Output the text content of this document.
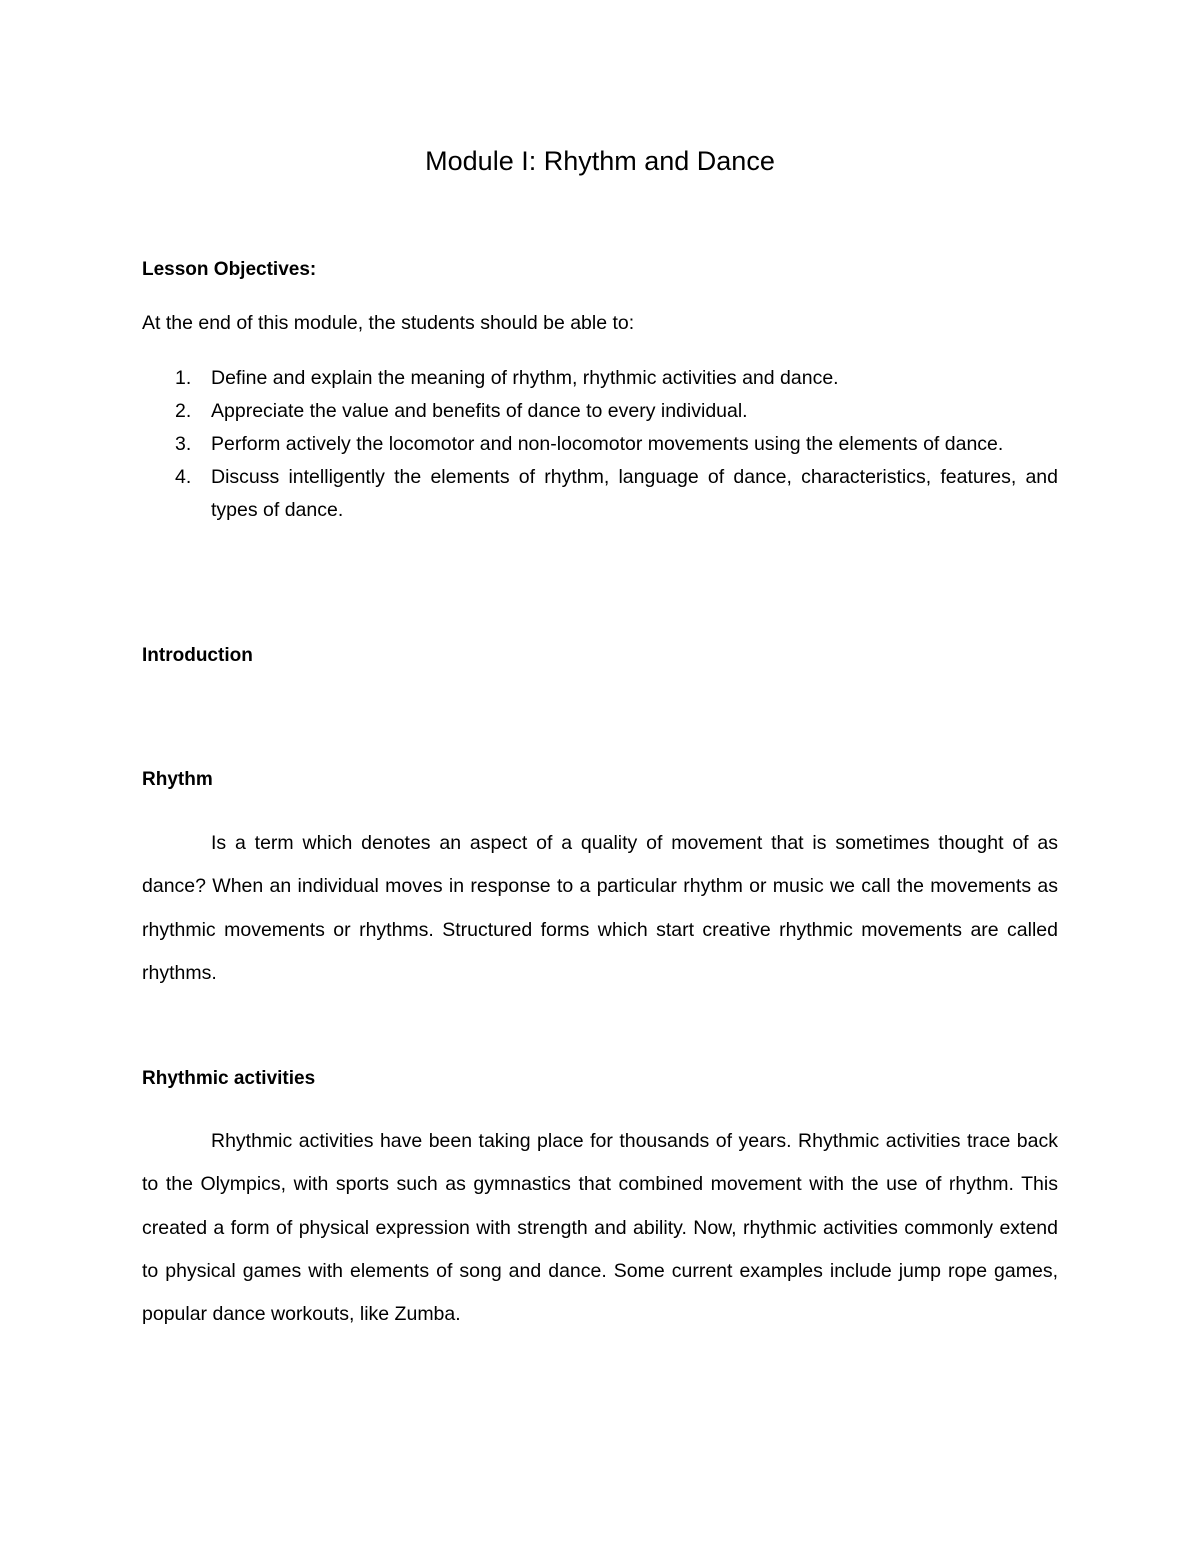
Module I: Rhythm and Dance
Lesson Objectives:

At the end of this module, the students should be able to:

1. Define and explain the meaning of rhythm, rhythmic activities and dance.
2. Appreciate the value and benefits of dance to every individual.
3. Perform actively the locomotor and non-locomotor movements using the elements of dance.
4. Discuss intelligently the elements of rhythm, language of dance, characteristics, features, and types of dance.
Introduction
Rhythm

Is a term which denotes an aspect of a quality of movement that is sometimes thought of as dance? When an individual moves in response to a particular rhythm or music we call the movements as rhythmic movements or rhythms. Structured forms which start creative rhythmic movements are called rhythms.

Rhythmic activities

Rhythmic activities have been taking place for thousands of years. Rhythmic activities trace back to the Olympics, with sports such as gymnastics that combined movement with the use of rhythm. This created a form of physical expression with strength and ability. Now, rhythmic activities commonly extend to physical games with elements of song and dance. Some current examples include jump rope games, popular dance workouts, like Zumba.
